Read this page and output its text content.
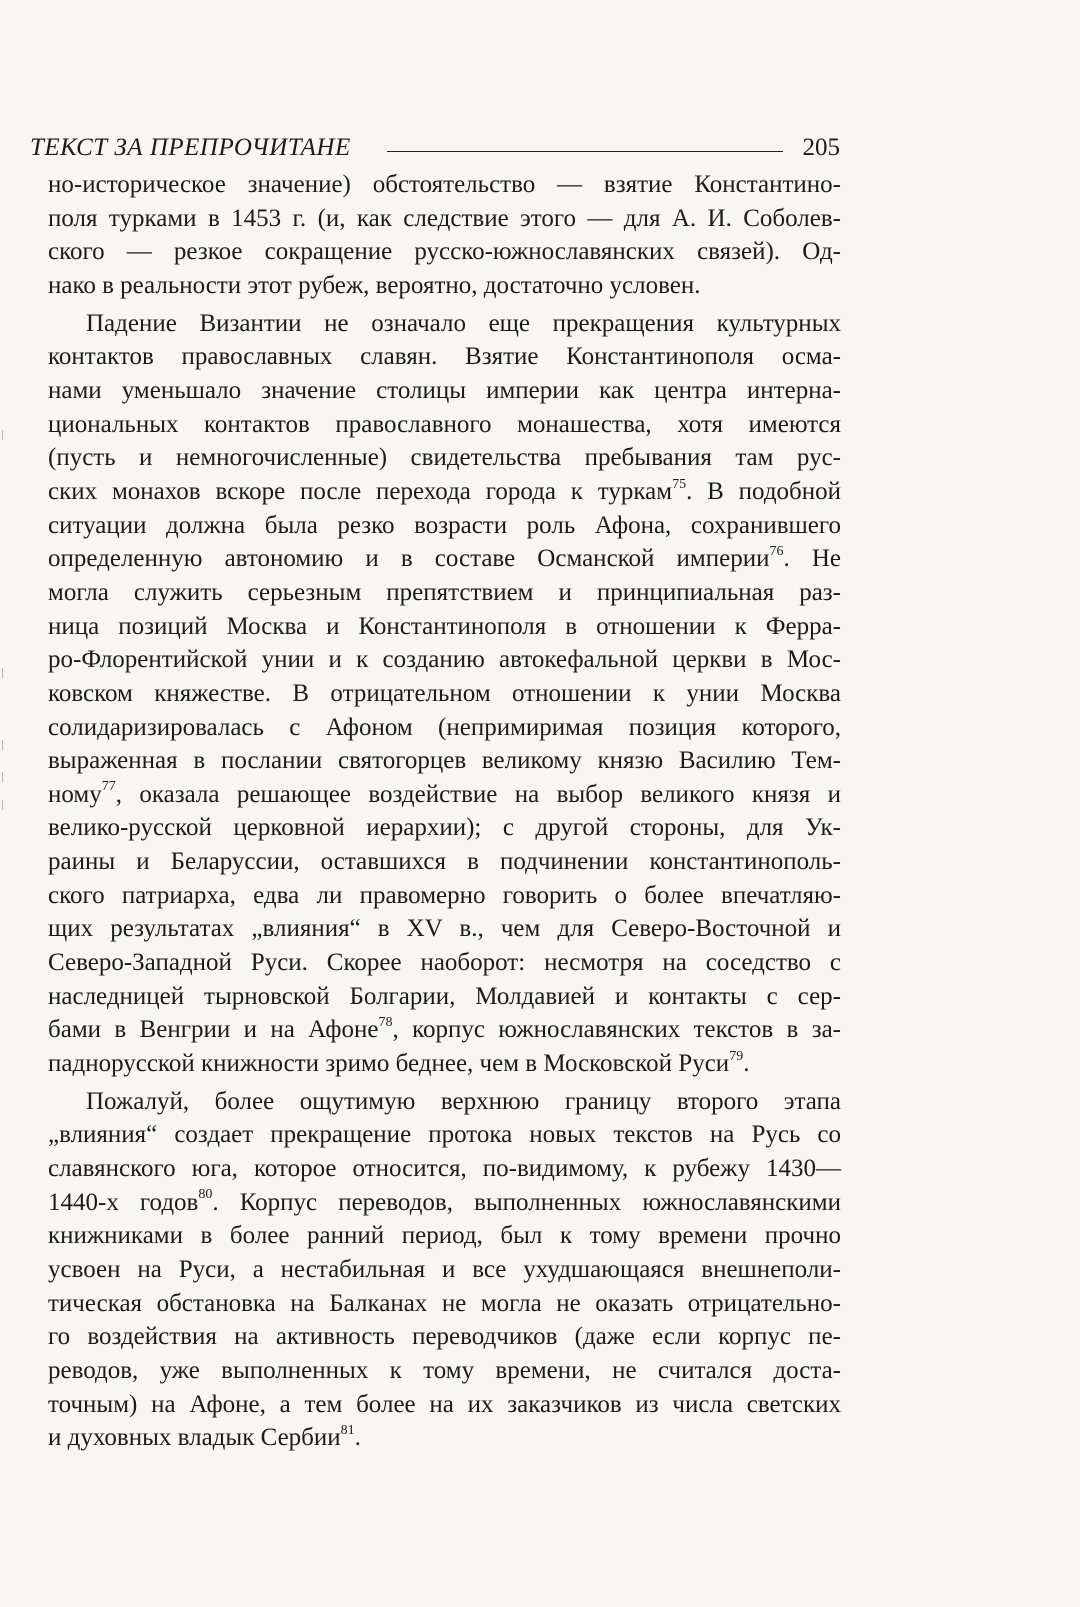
ТЕКСТ ЗА ПРЕПРОЧИТАНЕ	205
но-историческое значение) обстоятельство — взятие Константино-
поля турками в 1453 г. (и, как следствие этого — для А. И. Соболев-
ского — резкое сокращение русско-южнославянских связей). Од-
нако в реальности этот рубеж, вероятно, достаточно условен.
Падение Византии не означало еще прекращения культурных
контактов православных славян. Взятие Константинополя осма-
нами уменьшало значение столицы империи как центра интерна-
циональных контактов православного монашества, хотя имеются
(пусть и немногочисленные) свидетельства пребывания там рус-
ских монахов вскоре после перехода города к туркам$^{75}$. В подобной
ситуации должна была резко возрасти роль Афона, сохранившего
определенную автономию и в составе Османской империи$^{76}$. Не
могла служить серьезным препятствием и принципиальная раз-
ница позиций Москва и Константинополя в отношении к Ферра-
ро-Флорентийской унии и к созданию автокефальной церкви в Мос-
ковском княжестве. В отрицательном отношении к унии Москва
солидаризировалась с Афоном (непримиримая позиция которого,
выраженная в послании святогорцев великому князю Василию Тем-
ному$^{77}$, оказала решающее воздействие на выбор великого князя и
велико-русской церковной иерархии); с другой стороны, для Ук-
раины и Беларуссии, оставшихся в подчинении константинополь-
ского патриарха, едва ли правомерно говорить о более впечатляю-
щих результатах „влияния“ в XV в., чем для Северо-Восточной и
Северо-Западной Руси. Скорее наоборот: несмотря на соседство с
наследницей тырновской Болгарии, Молдавией и контакты с сер-
бами в Венгрии и на Афоне$^{78}$, корпус южнославянских текстов в за-
паднорусской книжности зримо беднее, чем в Московской Руси$^{79}$.
Пожалуй, более ощутимую верхнюю границу второго этапа
„влияния“ создает прекращение протока новых текстов на Русь со
славянского юга, которое относится, по-видимому, к рубежу 1430—
1440-х годов$^{80}$. Корпус переводов, выполненных южнославянскими
книжниками в более ранний период, был к тому времени прочно
усвоен на Руси, а нестабильная и все ухудшающаяся внешнеполи-
тическая обстановка на Балканах не могла не оказать отрицательно-
го воздействия на активность переводчиков (даже если корпус пе-
реводов, уже выполненных к тому времени, не считался доста-
точным) на Афоне, а тем более на их заказчиков из числа светских
и духовных владык Сербии$^{81}$.
